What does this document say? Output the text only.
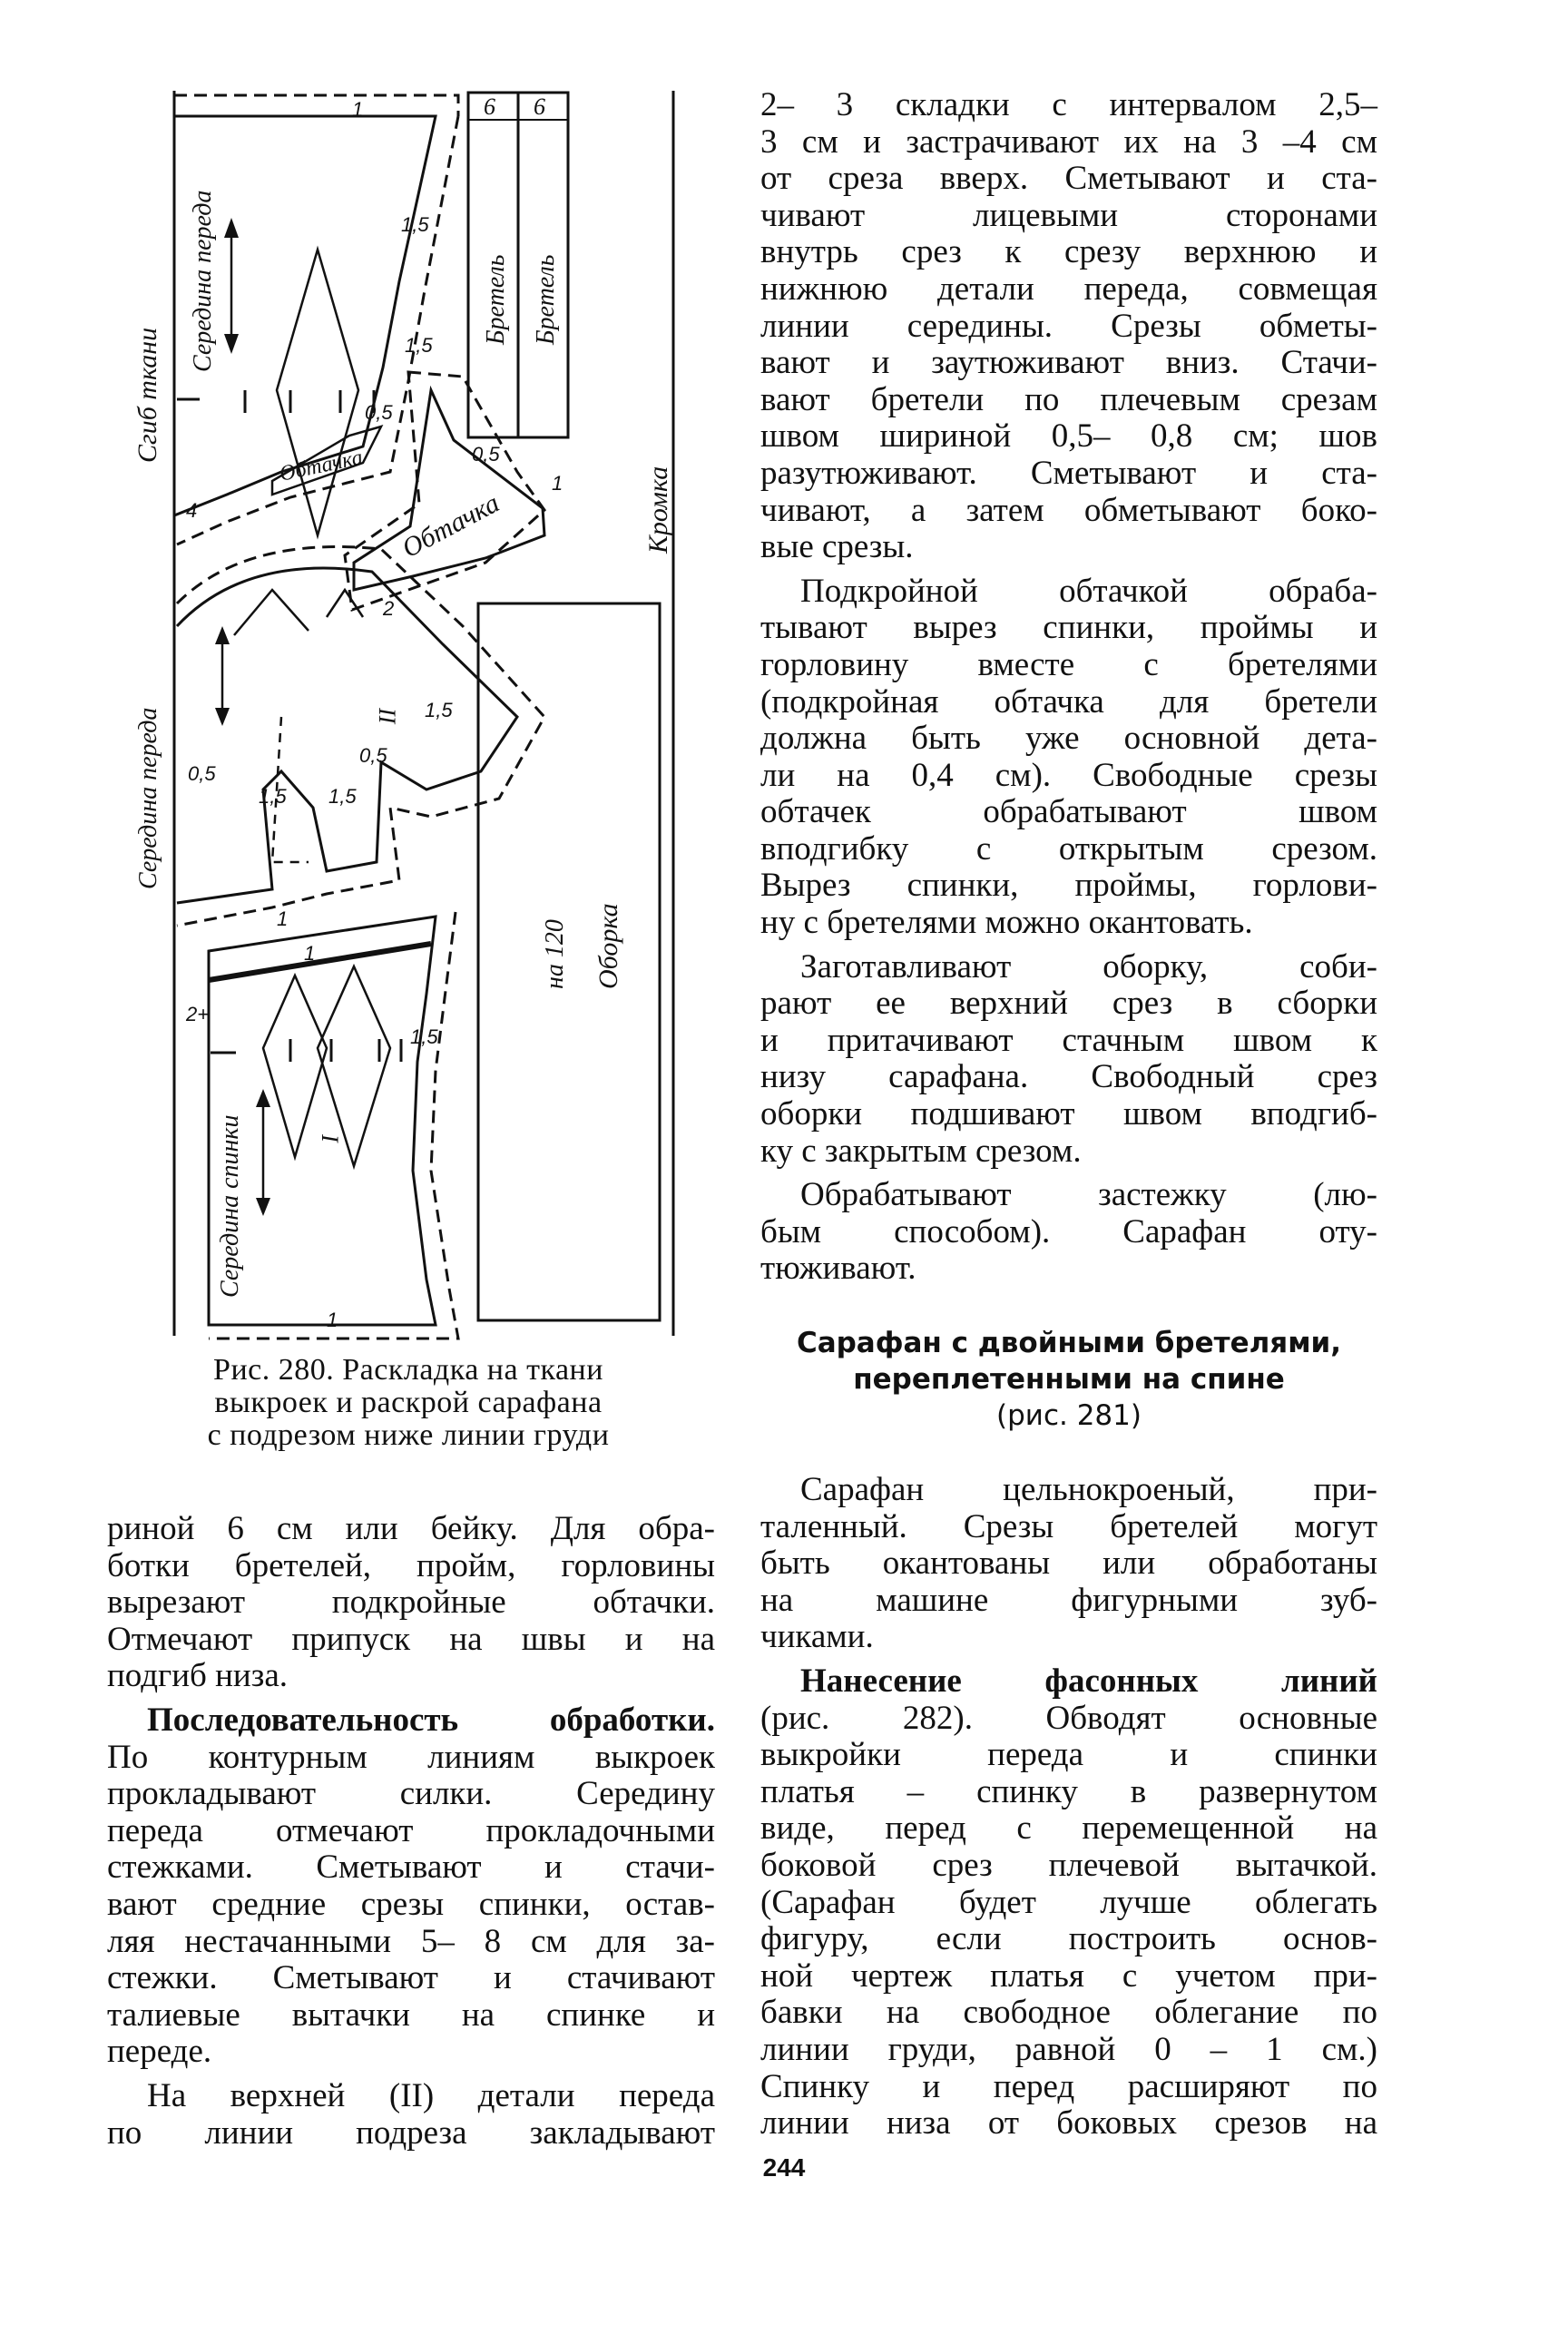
Сгиб ткани
Середина переда
Середина переда
Середина спинки
Кромка
Бретель Бретель
6 6
Обтачка
Обтачка
Оборка
на 120
II
I
1
1,5
1,5
0,5
0,5
1
4
2
1,5
0,5
0,5
1,5 1,5
1
1
2+
1,5
1
Рис. 280. Раскладка на ткани
выкроек и раскрой сарафана
с подрезом ниже линии груди

2– 3 складки с интервалом 2,5–
3 см и застрачивают их на 3 –4 см
от среза вверх. Сметывают и ста-
чивают лицевыми сторонами
внутрь срез к срезу верхнюю и
нижнюю детали переда, совмещая
линии середины. Срезы обметы-
вают и заутюживают вниз. Стачи-
вают бретели по плечевым срезам
швом шириной 0,5– 0,8 см; шов
разутюживают. Сметывают и ста-
чивают, а затем обметывают боко-
вые срезы.

Подкройной обтачкой обраба-

тывают вырез спинки, проймы и
горловину вместе с бретелями
(подкройная обтачка для бретели
должна быть уже основной дета-
ли на 0,4 см). Свободные срезы
обтачек обрабатывают швом
вподгибку с открытым срезом.
Вырез спинки, проймы, горлови-
ну с бретелями можно окантовать.

Заготавливают оборку, соби-

рают ее верхний срез в сборки
и притачивают стачным швом к
низу сарафана. Свободный срез
оборки подшивают швом вподгиб-
ку с закрытым срезом.

Обрабатывают застежку (лю-

бым способом). Сарафан оту-
тюживают.

Сарафан с двойными бретелями,
переплетенными на спине
(рис. 281)

Сарафан цельнокроеный, при-

таленный. Срезы бретелей могут
быть окантованы или обработаны
на машине фигурными зуб-
чиками.

Нанесение фасонных линий

(рис. 282). Обводят основные
выкройки переда и спинки
платья – спинку в развернутом
виде, перед с перемещенной на
боковой срез плечевой вытачкой.
(Сарафан будет лучше облегать
фигуру, если построить основ-
ной чертеж платья с учетом при-
бавки на свободное облегание по
линии груди, равной 0 – 1 см.)
Спинку и перед расширяют по
линии низа от боковых срезов на

риной 6 см или бейку. Для обра-
ботки бретелей, пройм, горловины
вырезают подкройные обтачки.
Отмечают припуск на швы и на
подгиб низа.

Последовательность обработки.

По контурным линиям выкроек
прокладывают силки. Середину
переда отмечают прокладочными
стежками. Сметывают и стачи-
вают средние срезы спинки, остав-
ляя нестачанными 5– 8 см для за-
стежки. Сметывают и стачивают
талиевые вытачки на спинке и
переде.

На верхней (II) детали переда

по линии подреза закладывают

244
